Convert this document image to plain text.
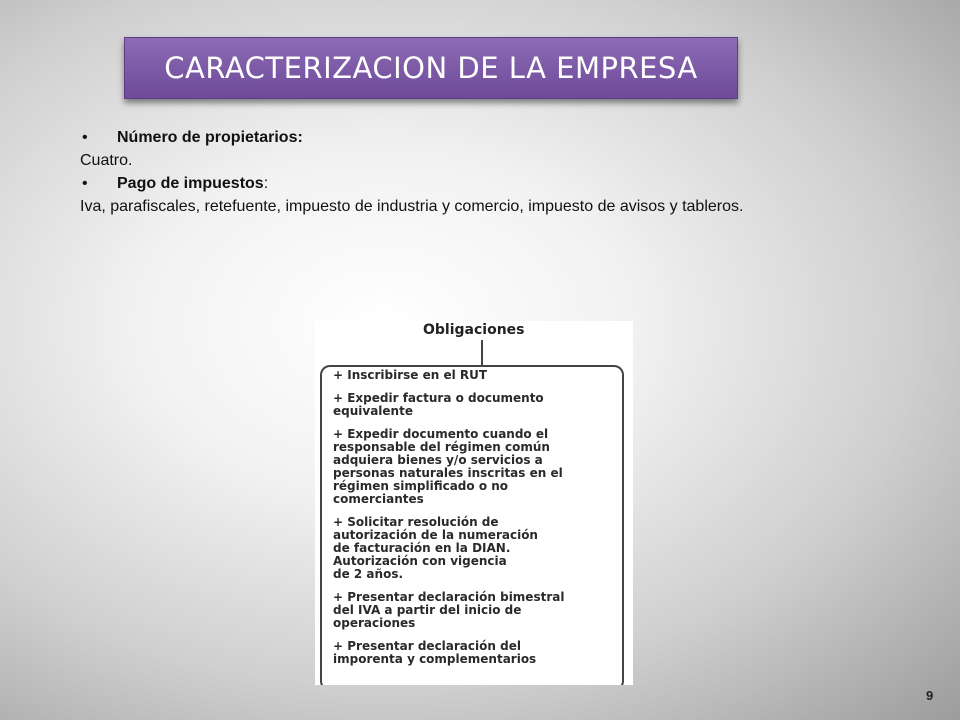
CARACTERIZACION DE LA EMPRESA
• Número de propietarios:
Cuatro.
• Pago de impuestos:
Iva, parafiscales, retefuente, impuesto de industria y comercio, impuesto de avisos y tableros.
Obligaciones
+ Inscribirse en el RUT
+ Expedir factura o documento
equivalente
+ Expedir documento cuando el
responsable del régimen común
adquiera bienes y/o servicios a
personas naturales inscritas en el
régimen simplificado o no
comerciantes
+ Solicitar resolución de
autorización de la numeración
de facturación en la DIAN.
Autorización con vigencia
de 2 años.
+ Presentar declaración bimestral
del IVA a partir del inicio de
operaciones
+ Presentar declaración del
imporenta y complementarios
9
